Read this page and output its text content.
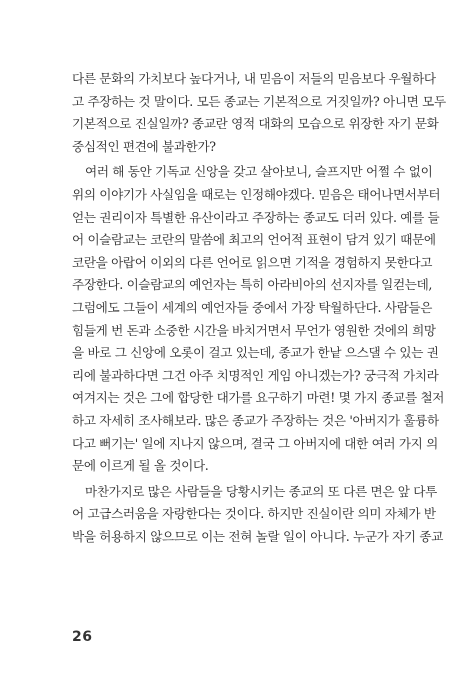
다른 문화의 가치보다 높다거나, 내 믿음이 저들의 믿음보다 우월하다
고 주장하는 것 말이다. 모든 종교는 기본적으로 거짓일까? 아니면 모두
기본적으로 진실일까? 종교란 영적 대화의 모습으로 위장한 자기 문화
중심적인 편견에 불과한가?
여러 해 동안 기독교 신앙을 갖고 살아보니, 슬프지만 어쩔 수 없이
위의 이야기가 사실임을 때로는 인정해야겠다. 믿음은 태어나면서부터
얻는 권리이자 특별한 유산이라고 주장하는 종교도 더러 있다. 예를 들
어 이슬람교는 코란의 말씀에 최고의 언어적 표현이 담겨 있기 때문에
코란을 아랍어 이외의 다른 언어로 읽으면 기적을 경험하지 못한다고
주장한다. 이슬람교의 예언자는 특히 아라비아의 선지자를 일컫는데,
그럼에도 그들이 세계의 예언자들 중에서 가장 탁월하단다. 사람들은
힘들게 번 돈과 소중한 시간을 바치거면서 무언가 영원한 것에의 희망
을 바로 그 신앙에 오롯이 걸고 있는데, 종교가 한낱 으스댈 수 있는 권
리에 불과하다면 그건 아주 치명적인 게임 아니겠는가? 궁극적 가치라
여겨지는 것은 그에 합당한 대가를 요구하기 마련! 몇 가지 종교를 철저
하고 자세히 조사해보라. 많은 종교가 주장하는 것은 '아버지가 훌륭하
다고 뻐기는' 일에 지나지 않으며, 결국 그 아버지에 대한 여러 가지 의
문에 이르게 될 올 것이다.
마찬가지로 많은 사람들을 당황시키는 종교의 또 다른 면은 앞 다투
어 고급스러움을 자랑한다는 것이다. 하지만 진실이란 의미 자체가 반
박을 허용하지 않으므로 이는 전혀 놀랄 일이 아니다. 누군가 자기 종교
26
